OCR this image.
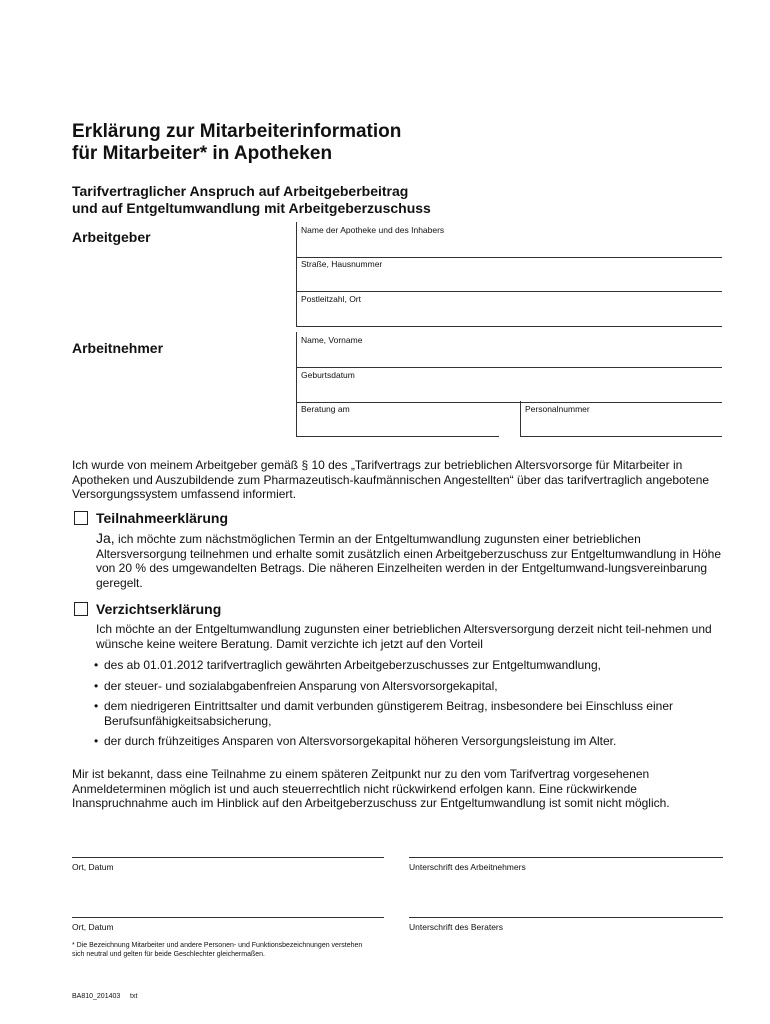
Erklärung zur Mitarbeiterinformation
für Mitarbeiter* in Apotheken
Tarifvertraglicher Anspruch auf Arbeitgeberbeitrag
und auf Entgeltumwandlung mit Arbeitgeberzuschuss
Arbeitgeber	Name der Apotheke und des Inhabers
Straße, Hausnummer
Postleitzahl, Ort
Arbeitnehmer	Name, Vorname
Geburtsdatum
Beratung am	Personalnummer
Ich wurde von meinem Arbeitgeber gemäß § 10 des „Tarifvertrags zur betrieblichen Altersvorsorge für Mitarbeiter in Apotheken und Auszubildende zum Pharmazeutisch-kaufmännischen Angestellten“ über das tarifvertraglich angebotene Versorgungssystem umfassend informiert.
Teilnahmeerklärung
Ja, ich möchte zum nächstmöglichen Termin an der Entgeltumwandlung zugunsten einer betrieblichen Altersversorgung teilnehmen und erhalte somit zusätzlich einen Arbeitgeberzuschuss zur Entgeltumwandlung in Höhe von 20 % des umgewandelten Betrags. Die näheren Einzelheiten werden in der Entgeltumwand-lungsvereinbarung geregelt.
Verzichtserklärung
Ich möchte an der Entgeltumwandlung zugunsten einer betrieblichen Altersversorgung derzeit nicht teil-nehmen und wünsche keine weitere Beratung. Damit verzichte ich jetzt auf den Vorteil
• des ab 01.01.2012 tarifvertraglich gewährten Arbeitgeberzuschusses zur Entgeltumwandlung,
• der steuer- und sozialabgabenfreien Ansparung von Altersvorsorgekapital,
• dem niedrigeren Eintrittsalter und damit verbunden günstigerem Beitrag, insbesondere bei Einschluss einer Berufsunfähigkeitsabsicherung,
• der durch frühzeitiges Ansparen von Altersvorsorgekapital höheren Versorgungsleistung im Alter.
Mir ist bekannt, dass eine Teilnahme zu einem späteren Zeitpunkt nur zu den vom Tarifvertrag vorgesehenen Anmeldeterminen möglich ist und auch steuerrechtlich nicht rückwirkend erfolgen kann. Eine rückwirkende Inanspruchnahme auch im Hinblick auf den Arbeitgeberzuschuss zur Entgeltumwandlung ist somit nicht möglich.
Ort, Datum	Unterschrift des Arbeitnehmers
Ort, Datum	Unterschrift des Beraters
* Die Bezeichnung Mitarbeiter und andere Personen- und Funktionsbezeichnungen verstehen sich neutral und gelten für beide Geschlechter gleichermaßen.
BA810_201403 txt
